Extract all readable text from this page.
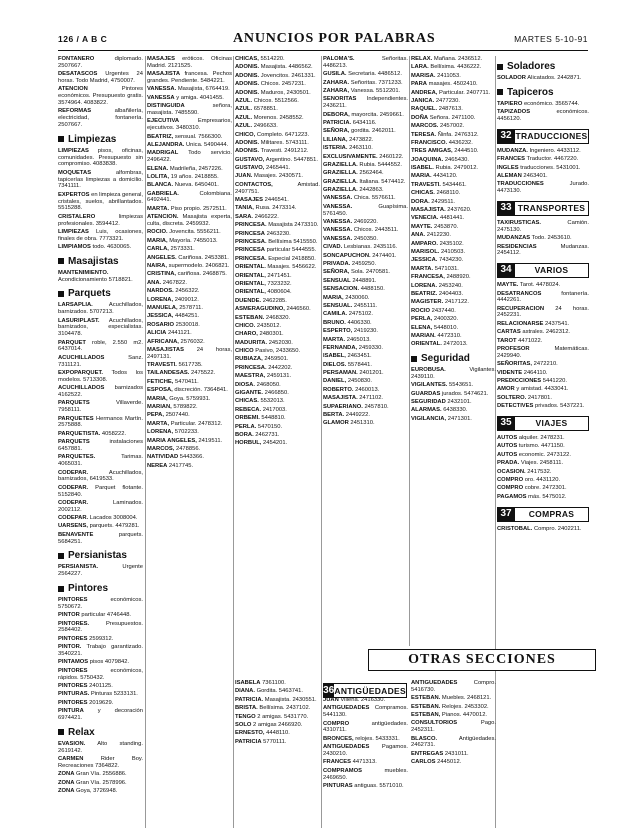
126 / A B C	ANUNCIOS POR PALABRAS	MARTES 5-10-91
FONTANERO diplomado. 2507667.
DESATASCOS Urgentes 24 horas. Todo Madrid, 4750007.
ATENCION Pintores económicos. Presupuesto gratis. 3574964. 4083822.
REFORMAS albañilería, electricidad, fontanería. 2507667.
Limpiezas
LIMPIEZAS pisos, oficinas, comunidades. Presupuesto sin compromiso. 4083838.
MOQUETAS alfombras, tapicerías limpiezas a domicilio. 7341111.
EXPERTOS en limpieza general, cristales, suelos, abrillantados. 5515288.
CRISTALERO limpiezas profesionales. 3594412.
LIMPIEZAS Luis, ocasiones, finales de obra. 7773321.
LIMPIAMOS todo. 4630065.
Masajistas
MANTENIMIENTO. Acondicionamiento 5718821.
Parquets
LARSAPLIA. Acuchillados, barnizados. 5707213.
LASURIPLAST. Acuchillados, barnizados, especialistas. 3104478.
PARQUET roble, 2.550 m2. 6437014.
ACUCHILLADOS Sanz. 7311121.
EXPOPARQUET. Todos los modelos. 5713308.
ACUCHILLADOS barnizados 4162522.
PARQUETS Villaverde. 7958111.
PARQUETES Hermanos Martín. 2575888.
PARQUETISTA. 4058222.
PARQUETS instalaciones 6457881.
PARQUETES. Tarimas. 4065031.
CODEPAR. Acuchillados, barnizados, 6419533.
CODEPAR. Parquet flotante. 5152840.
CODEPAR. Laminados. 2002112.
CODEPAR. Lacados 3008004.
UARSENS, parquets. 4479281.
BENAVENTE parquets. 5684251.
Persianistas
PERSIANISTA. Urgente 2564227.
Pintores
PINTORES económicos. 5750672.
PINTOR particular 4746448.
PINTORES. Presupuestos. 2584402.
PINTORES 2599312.
PINTOR. Trabajo garantizado. 3540221.
PINTAMOS pisos 4079842.
PINTORES económicos, rápidos. 5750432.
PINTORES 2401125.
PINTURAS. Pinturas 5233131.
PINTORES 2019629.
PINTURA y decoración 6974421.
Relax
EVASION. Alto standing. 2619142.
CARMEN Rider Boy. Recreaciones 7364822.
ZONA Gran Vía. 2556886.
ZONA Gran Vía. 2578996.
ZONA Goya, 3726948.
MASAJES eróticos. Oficinas Madrid. 2121525.
MASAJISTA francesa. Pechos grandes. Pendiente. 5484221.
VANESSA. Masajista, 6764419.
VANESSA y amiga. 4041455.
DISTINGUIDA señora, masajista. 7485590.
EJECUTIVA Empresarios, ejecutivos. 3480310.
BEATRIZ, sensual. 7566300.
ALEJANDRA. Unica. 5490444.
MADRIGAL Todo servicio. 2496422.
ELENA. Madrileña, 2457226.
LOLITA, 19 años. 2418855.
BLANCA. Nueva. 6450401.
GABRIELA. Colombiana. 6492441.
MARTA. Piso propio. 2572511.
ATENCION. Masajista experta, culta, discreta. 2459932.
ROCIO. Jovencita. 5556211.
MARIA, Mayoría. 7455013.
CARLA, 2573331.
ANGELES. Cariñosa. 2453381.
NAIRA, supermodelo. 2406821.
CRISTINA, cariñosa. 2468875.
ANA. 2467822.
NARDOS. 2456322.
LORENA, 2409012.
MANUELA, 2578711.
JESSICA, 4484251.
ROSARIO 2530018.
ALICIA 2441121.
AFRICANA, 2576032.
MASAJISTAS 24 horas, 2497131.
TRAVESTI. 5617735.
TAILANDESAS. 2475522.
FETICHE, 5470411.
ESPOSA, discreción. 7364841.
MARIA, Goya. 5759931.
MARIAN, 5789822.
PEPA, 2507440.
MARTA, Particular. 2478312.
LORENA, 5702233.
MARIA ANGELES, 2419511.
MARCOS, 2478856.
NATIVIDAD 5443366.
NEREA 2417745.
CHICAS, 5514220.
ADONIS. Masajista. 4486562.
ADONIS. Jovencitos. 2461331.
ADONIS. Chicos. 2457231.
ADONIS. Maduros, 2430501.
AZUL. Chicos. 5512566.
AZUL. 6578851.
AZUL. Morenos. 2458552.
AZUL. 2496633.
CHICO, Completo. 6471223.
ADONIS. Militares. 5743111.
ADONIS. Travesti. 2491212.
GUSTAVO, Argentino. 5447851.
GUSTAVO, 2465441.
JUAN. Masajes. 2430571.
CONTACTOS, Amistad. 2497751.
MASAJES 2446541.
TANIA, Rusa. 2473314.
SARA. 2466222.
PRINCESA. Masajista 2473310.
PRINCESA 2463230.
PRINCESA. Bellísima 5415550.
PRINCESA particular 5444555.
PRINCESA. Especial 2418850.
ORIENTAL. Masajes. 5456622.
ORIENTAL, 2471451.
ORIENTAL, 7323232.
ORIENTAL, 4080604.
DUENDE. 2462285.
ASMERAGUDINO, 2446560.
ESTEBAN. 2468320.
CHICO. 2435012.
CHARO, 2480301.
MADURITA. 2452030.
CHICO Pasivo, 2433650.
RUBIAZA, 2459501.
PRINCESA. 2442202.
MAESTRA, 2459131.
DIOSA. 2468050.
GIGANTE. 2466850.
CHICAS. 5532013.
REBECA. 2417003.
ORBEMI. 5448810.
PERLA. 5470150.
BORA. 2462731.
HORBUL, 2454201.
PALOMA'S. Señoritas. 4486213.
GUSILA. Secretaria. 4486512.
ZAHARA. Señoritas. 7371233.
ZAHARA, Vanessa. 5512201.
SENORITAS Independientes. 2436211.
DEBORA, mayorcita. 2459661.
PATRICIA. 6434116.
SEÑORA, gordita. 2462011.
LILIANA, 2473822.
ISTERIA. 2463110.
EXCLUSIVAMENTE. 2460122.
GRAZIELLA. Rubia. 5444552.
GRAZIELLA. 2562464.
GRAZIELLA. Italiana. 5474412.
GRAZIELLA. 2442863.
VANESSA. Chica. 5576611.
VANESSA. Guapísima. 5761450.
VANESSA. 2469220.
VANESSA. Chicos. 2443511.
VANESSA. 2450350.
CIVAD. Lesbianas. 2435116.
SONCAPUCHON. 2474401.
PRIVADA. 2459250.
SEÑORA, Sola. 2470581.
SENSUAL 2448891.
SENSACION. 4488150.
MARIA, 2430060.
SENSUAL. 2455111.
CAMILA. 2475102.
BRUNO. 4406330.
ESPERTO, 2419230.
MARTA. 2465013.
FERNANDA, 2459330.
ISABEL, 2463451.
DIELOS. 5578441.
PERSAMAN. 2401201.
DANIEL, 2450830.
ROBERTO. 2460013.
MASAJISTA. 2471102.
SUPAERIANO. 2457810.
BERTA. 2449222.
GLAMOR 2451310.
RELAX. Mañana. 2436512.
LARA. Bellísima. 4436222.
MARISA. 2411053.
PARA masajes. 4502410.
ANDREA, Particular. 2407711.
JANICA. 2477230.
RAQUEL. 2487613.
DOÑA Señora. 2471100.
MARCOS. 2457002.
TERESA. Ñinfa. 2476312.
FRANCISCO. 4436232.
TRES AMIGAS, 2444510.
JOAQUINA. 2465430.
ISABEL. Rubia. 2479012.
MARIA. 4434120.
TRAVESTI. 5434461.
CHICAS. 2468110.
DORA. 2429511.
MASAJISTA. 2437620.
VENECIA. 4481441.
MAYTE. 2453870.
ANA. 2412230.
AMPARO. 2435102.
MARISOL. 2410503.
JESSICA. 7434230.
MARTA. 5471031.
FRANCESA, 2488920.
LORENA. 2453240.
BEATRIZ. 2404403.
MAGISTER. 2417122.
ROCIO 2437440.
PERLA, 2400320.
ELENA, 5448010.
MARIAN. 4472310.
ORIENTAL. 2472013.
Seguridad
EUROBUSA. Vigilantes. 2439110.
VIGILANTES. 5543651.
GUARDAS jurados. 5474621.
SEGURIDAD 2432101.
ALARMAS. 6438330.
VIGILANCIA, 2471301.
Soladores
SOLADOR Alicatados. 2442871.
Tapiceros
TAPIERO económico. 3565744.
TAPIZADOS económicos. 4456120.
32 TRADUCCIONES
MUDANZA. Ingeniero. 4433112.
FRANCES Traductor. 4467220.
INGLES traducciones. 5431001.
ALEMAN 2463401.
TRADUCCIONES Jurado. 4473130.
33 TRANSPORTES
TAXIRUSTICAS. Camión. 2475130.
MUDANZAS Todo. 2453610.
RESIDENCIAS Mudanzas. 2454112.
34	VARIOS
MAYTE. Tarot. 4478024.
DESATRANCOS fontanería. 4442261.
RECUPERACION 24 horas. 2452231.
RELACIONARSE 2437541.
CARTAS astrales. 2462312.
TAROT 4471022.
PROFESOR Matemáticas. 2429940.
SEÑORITAS, 2472210.
VIDENTE 2464110.
PREDICCIONES 5441220.
AMOR y amistad. 4433041.
SOLTERO. 2417801.
DETECTIVES privados. 5437221.
35	VIAJES
AUTOS alquiler. 2478231.
AUTOS turismo. 4471150.
AUTOS economic. 2473122.
PRADA. Viajes. 2458111.
OCASION. 2417532.
COMPRO oro. 4431120.
COMPRO cobre. 2472301.
PAGAMOS más. 5475012.
37	COMPRAS
CRISTOBAL. Compro. 2402211.
OTRAS SECCIONES
ISABELA 7361100.
DIANA. Gordita. 5463741.
PATRICIA. Masajista. 2430551.
BRISTA. Bellísima. 2437102.
TENGO 2 amigas. 5431770.
SOLO 2 amigas 2466920.
ERNESTO, 4448110.
PATRICIA 5770111.
36 ANTIGÜEDADES
JUAN Villena. 2416330.
ANTIGUEDADES Compramos. 5441130.
COMPRO antigüedades. 4310711.
BRONCES, relojes. 5433331.
ANTIGUEDADES Pagamos. 2430210.
FRANCES 4471313.
COMPRAMOS muebles. 2469650.
PINTURAS antiguas. 5571010.
ANTIGUEDADES Compro. 5416730.
ESTEBAN. Muebles. 2468121.
ESTEBAN. Relojes. 2453302.
ESTEBAN, Pianos. 4470012.
CONSULTORIOS Pago. 2452311.
BLASCO. Antigüedades. 2462731.
ENTREGAS 2431011.
CARLOS 2445012.
